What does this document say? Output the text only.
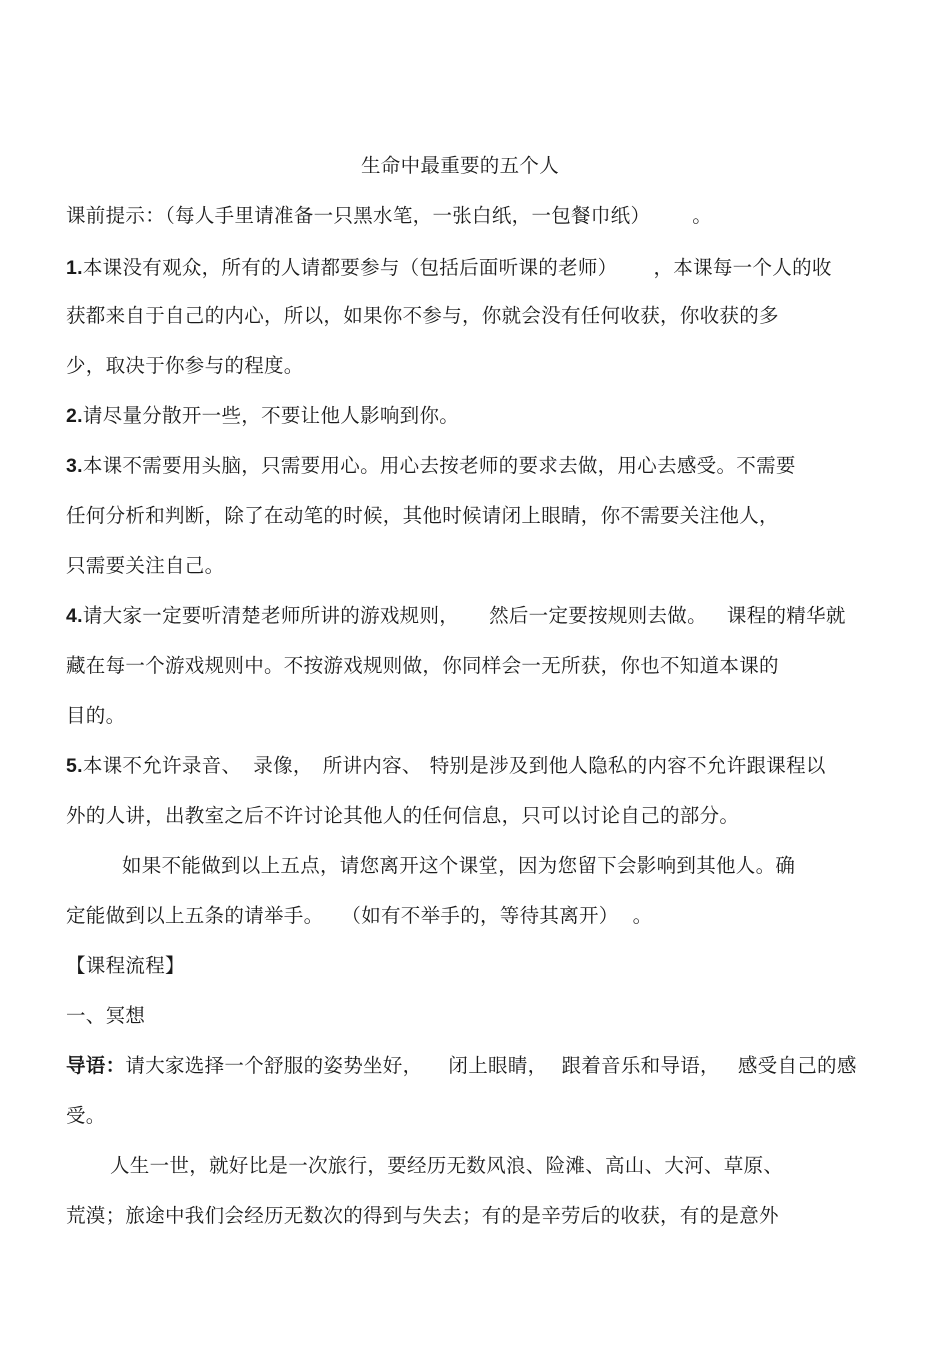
生命中最重要的五个人
课前提示：（每人手里请准备一只黑水笔，一张白纸，一包餐巾纸） 。
1.本课没有观众，所有的人请都要参与（包括后面听课的老师） ，本课每一个人的收
获都来自于自己的内心，所以，如果你不参与，你就会没有任何收获，你收获的多
少，取决于你参与的程度。
2.请尽量分散开一些，不要让他人影响到你。
3.本课不需要用头脑，只需要用心。用心去按老师的要求去做，用心去感受。不需要
任何分析和判断，除了在动笔的时候，其他时候请闭上眼睛，你不需要关注他人，
只需要关注自己。
4.请大家一定要听清楚老师所讲的游戏规则， 然后一定要按规则去做。 课程的精华就
藏在每一个游戏规则中。不按游戏规则做，你同样会一无所获，你也不知道本课的
目的。
5.本课不允许录音、 录像， 所讲内容、 特别是涉及到他人隐私的内容不允许跟课程以
外的人讲，出教室之后不许讨论其他人的任何信息，只可以讨论自己的部分。
如果不能做到以上五点，请您离开这个课堂，因为您留下会影响到其他人。确
定能做到以上五条的请举手。 （如有不举手的，等待其离开） 。
【课程流程】
一、冥想
导语：请大家选择一个舒服的姿势坐好， 闭上眼睛， 跟着音乐和导语， 感受自己的感
受。
人生一世，就好比是一次旅行，要经历无数风浪、险滩、高山、大河、草原、
荒漠；旅途中我们会经历无数次的得到与失去；有的是辛劳后的收获，有的是意外
